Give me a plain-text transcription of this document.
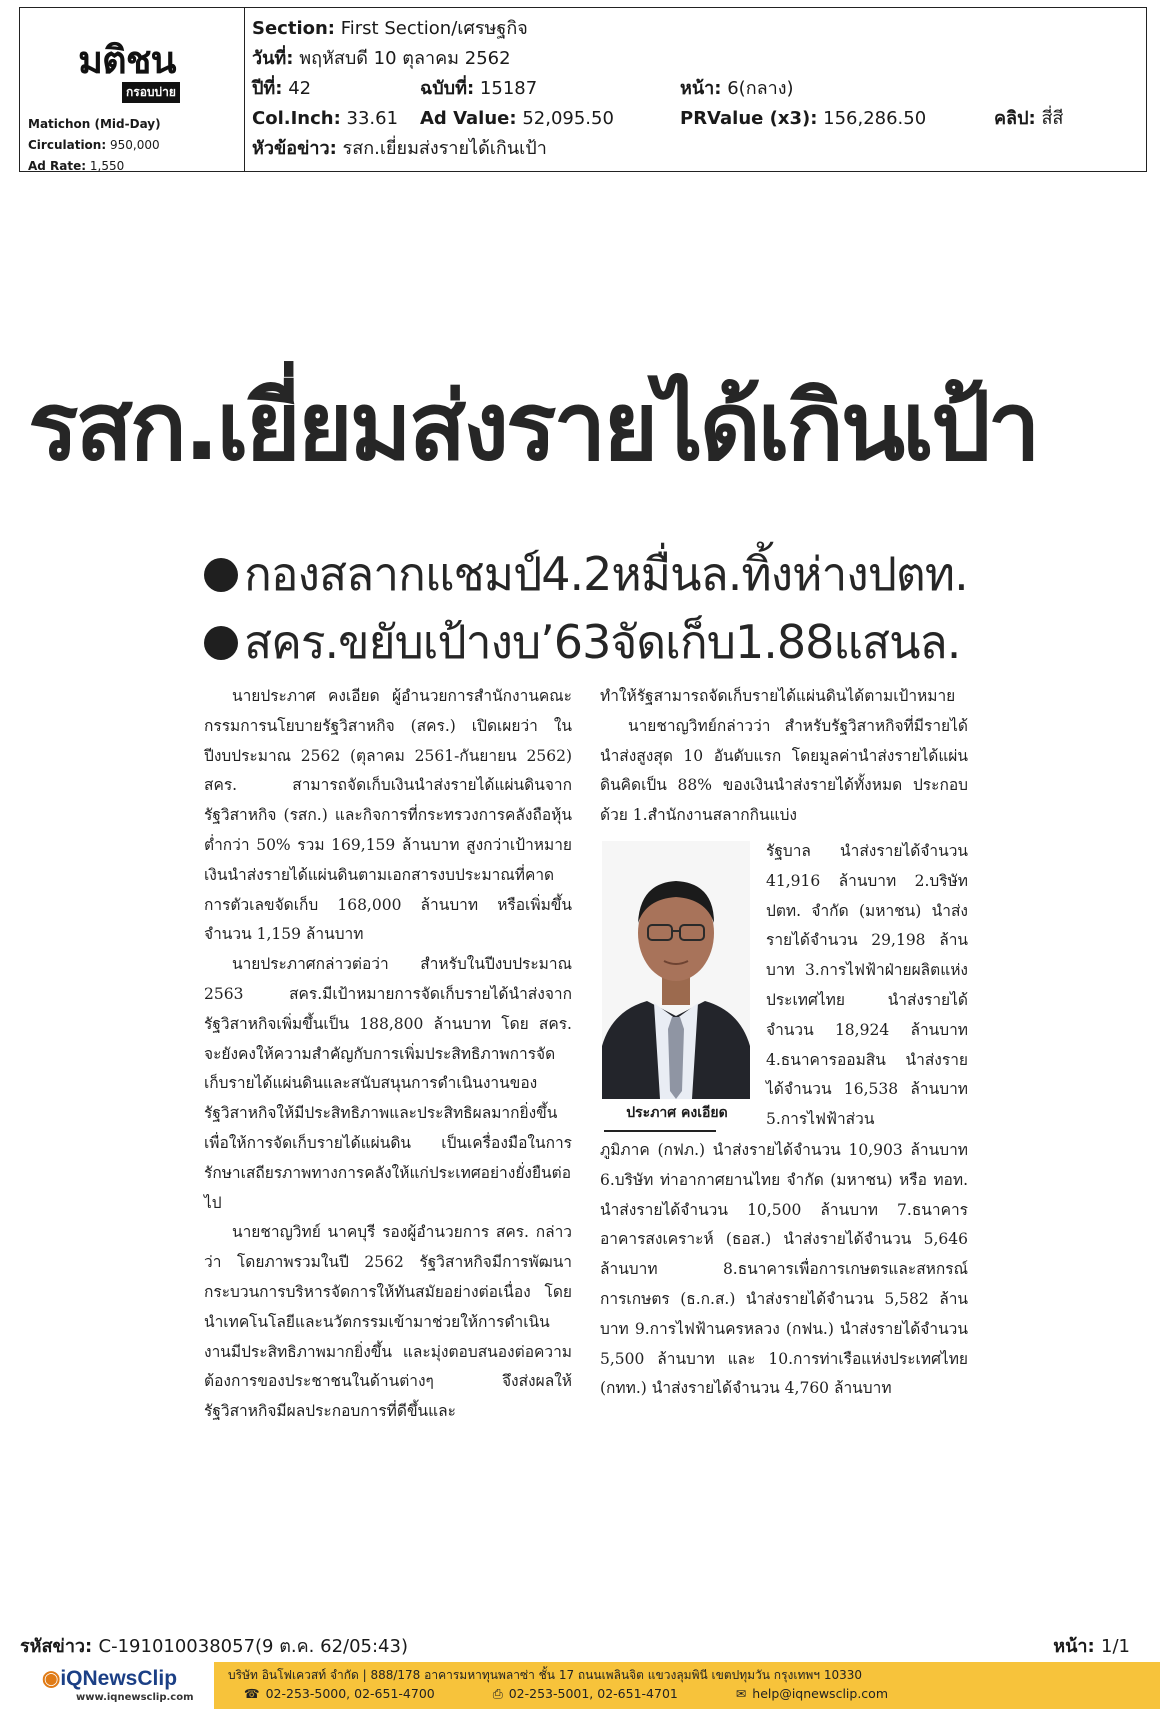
มติชน
กรอบบ่าย
Matichon (Mid-Day)
Circulation: 950,000
Ad Rate: 1,550
Section: First Section/เศรษฐกิจ
วันที่: พฤหัสบดี 10 ตุลาคม 2562
ปีที่: 42	ฉบับที่: 15187	หน้า: 6(กลาง)
Col.Inch: 33.61 Ad Value: 52,095.50	PRValue (x3): 156,286.50	คลิป: สี่สี
หัวข้อข่าว: รสก.เยี่ยมส่งรายได้เกินเป้า
รสก.เยี่ยมส่งรายได้เกินเป้า
กองสลากแชมป์4.2หมื่นล.ทิ้งห่างปตท.
สคร.ขยับเป้างบ’63จัดเก็บ1.88แสนล.

นายประภาศ คงเอียด ผู้อำนวยการสำนักงานคณะกรรมการนโยบายรัฐวิสาหกิจ (สคร.) เปิดเผยว่า ในปีงบประมาณ 2562 (ตุลาคม 2561-กันยายน 2562) สคร. สามารถจัดเก็บเงินนำส่งรายได้แผ่นดินจากรัฐวิสาหกิจ (รสก.) และกิจการที่กระทรวงการคลังถือหุ้นต่ำกว่า 50% รวม 169,159 ล้านบาท สูงกว่าเป้าหมายเงินนำส่งรายได้แผ่นดินตามเอกสารงบประมาณที่คาดการตัวเลขจัดเก็บ 168,000 ล้านบาท หรือเพิ่มขึ้นจำนวน 1,159 ล้านบาท

นายประภาศกล่าวต่อว่า สำหรับในปีงบประมาณ 2563 สคร.มีเป้าหมายการจัดเก็บรายได้นำส่งจากรัฐวิสาหกิจเพิ่มขึ้นเป็น 188,800 ล้านบาท โดย สคร. จะยังคงให้ความสำคัญกับการเพิ่มประสิทธิภาพการจัดเก็บรายได้แผ่นดินและสนับสนุนการดำเนินงานของรัฐวิสาหกิจให้มีประสิทธิภาพและประสิทธิผลมากยิ่งขึ้น เพื่อให้การจัดเก็บรายได้แผ่นดิน เป็นเครื่องมือในการรักษาเสถียรภาพทางการคลังให้แก่ประเทศอย่างยั่งยืนต่อไป

นายชาญวิทย์ นาคบุรี รองผู้อำนวยการ สคร. กล่าวว่า โดยภาพรวมในปี 2562 รัฐวิสาหกิจมีการพัฒนากระบวนการบริหารจัดการให้ทันสมัยอย่างต่อเนื่อง โดยนำเทคโนโลยีและนวัตกรรมเข้ามาช่วยให้การดำเนินงานมีประสิทธิภาพมากยิ่งขึ้น และมุ่งตอบสนองต่อความต้องการของประชาชนในด้านต่างๆ จึงส่งผลให้รัฐวิสาหกิจมีผลประกอบการที่ดีขึ้นและ

ทำให้รัฐสามารถจัดเก็บรายได้แผ่นดินได้ตามเป้าหมาย

นายชาญวิทย์กล่าวว่า สำหรับรัฐวิสาหกิจที่มีรายได้นำส่งสูงสุด 10 อันดับแรก โดยมูลค่านำส่งรายได้แผ่นดินคิดเป็น 88% ของเงินนำส่งรายได้ทั้งหมด ประกอบด้วย 1.สำนักงานสลากกินแบ่ง

ประภาศ คงเอียด

รัฐบาล นำส่งรายได้จำนวน 41,916 ล้านบาท 2.บริษัท ปตท. จำกัด (มหาชน) นำส่งรายได้จำนวน 29,198 ล้านบาท 3.การไฟฟ้าฝ่ายผลิตแห่งประเทศไทย นำส่งรายได้จำนวน 18,924 ล้านบาท 4.ธนาคารออมสิน นำส่งรายได้จำนวน 16,538 ล้านบาท 5.การไฟฟ้าส่วน

ภูมิภาค (กฟภ.) นำส่งรายได้จำนวน 10,903 ล้านบาท 6.บริษัท ท่าอากาศยานไทย จำกัด (มหาชน) หรือ ทอท. นำส่งรายได้จำนวน 10,500 ล้านบาท 7.ธนาคารอาคารสงเคราะห์ (ธอส.) นำส่งรายได้จำนวน 5,646 ล้านบาท 8.ธนาคารเพื่อการเกษตรและสหกรณ์การเกษตร (ธ.ก.ส.) นำส่งรายได้จำนวน 5,582 ล้านบาท 9.การไฟฟ้านครหลวง (กฟน.) นำส่งรายได้จำนวน 5,500 ล้านบาท และ 10.การท่าเรือแห่งประเทศไทย (กทท.) นำส่งรายได้จำนวน 4,760 ล้านบาท

รหัสข่าว: C-191010038057(9 ต.ค. 62/05:43)	หน้า: 1/1
◉iQNewsClip
www.iqnewsclip.com
บริษัท อินโฟเควสท์ จำกัด | 888/178 อาคารมหาทุนพลาซ่า ชั้น 17 ถนนเพลินจิต แขวงลุมพินี เขตปทุมวัน กรุงเทพฯ 10330
☎ 02-253-5000, 02-651-4700	⎙ 02-253-5001, 02-651-4701	✉ help@iqnewsclip.com
